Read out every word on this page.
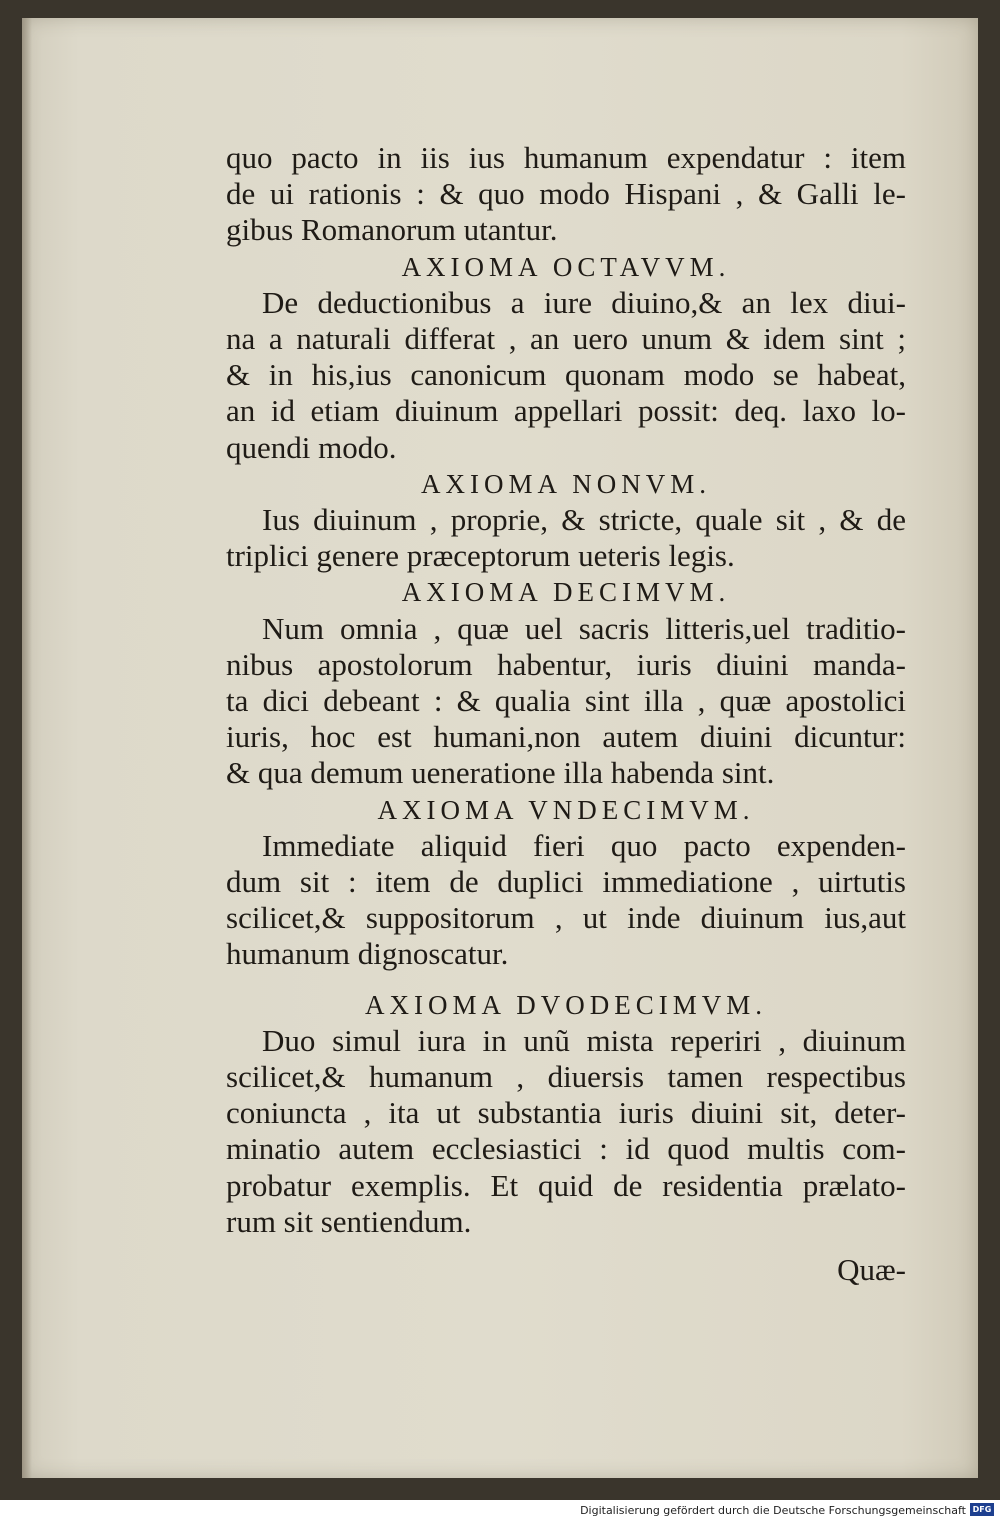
quo pacto in iis ius humanum expendatur : item
de ui rationis : & quo modo Hispani , & Galli le-
gibus Romanorum utantur.
AXIOMA OCTAVVM.
De deductionibus a iure diuino,& an lex diui-
na a naturali differat , an uero unum & idem sint ;
& in his,ius canonicum quonam modo se habeat,
an id etiam diuinum appellari possit: deq. laxo lo-
quendi modo.
AXIOMA NONVM.
Ius diuinum , proprie, & stricte, quale sit , & de
triplici genere præceptorum ueteris legis.
AXIOMA DECIMVM.
Num omnia , quæ uel sacris litteris,uel traditio-
nibus apostolorum habentur, iuris diuini manda-
ta dici debeant : & qualia sint illa , quæ apostolici
iuris, hoc est humani,non autem diuini dicuntur:
& qua demum ueneratione illa habenda sint.
AXIOMA VNDECIMVM.
Immediate aliquid fieri quo pacto expenden-
dum sit : item de duplici immediatione , uirtutis
scilicet,& suppositorum , ut inde diuinum ius,aut
humanum dignoscatur.
AXIOMA DVODECIMVM.
Duo simul iura in unũ mista reperiri , diuinum
scilicet,& humanum , diuersis tamen respectibus
coniuncta , ita ut substantia iuris diuini sit, deter-
minatio autem ecclesiastici : id quod multis com-
probatur exemplis. Et quid de residentia prælato-
rum sit sentiendum.
Quæ-
Digitalisierung gefördert durch die Deutsche Forschungsgemeinschaft DFG
